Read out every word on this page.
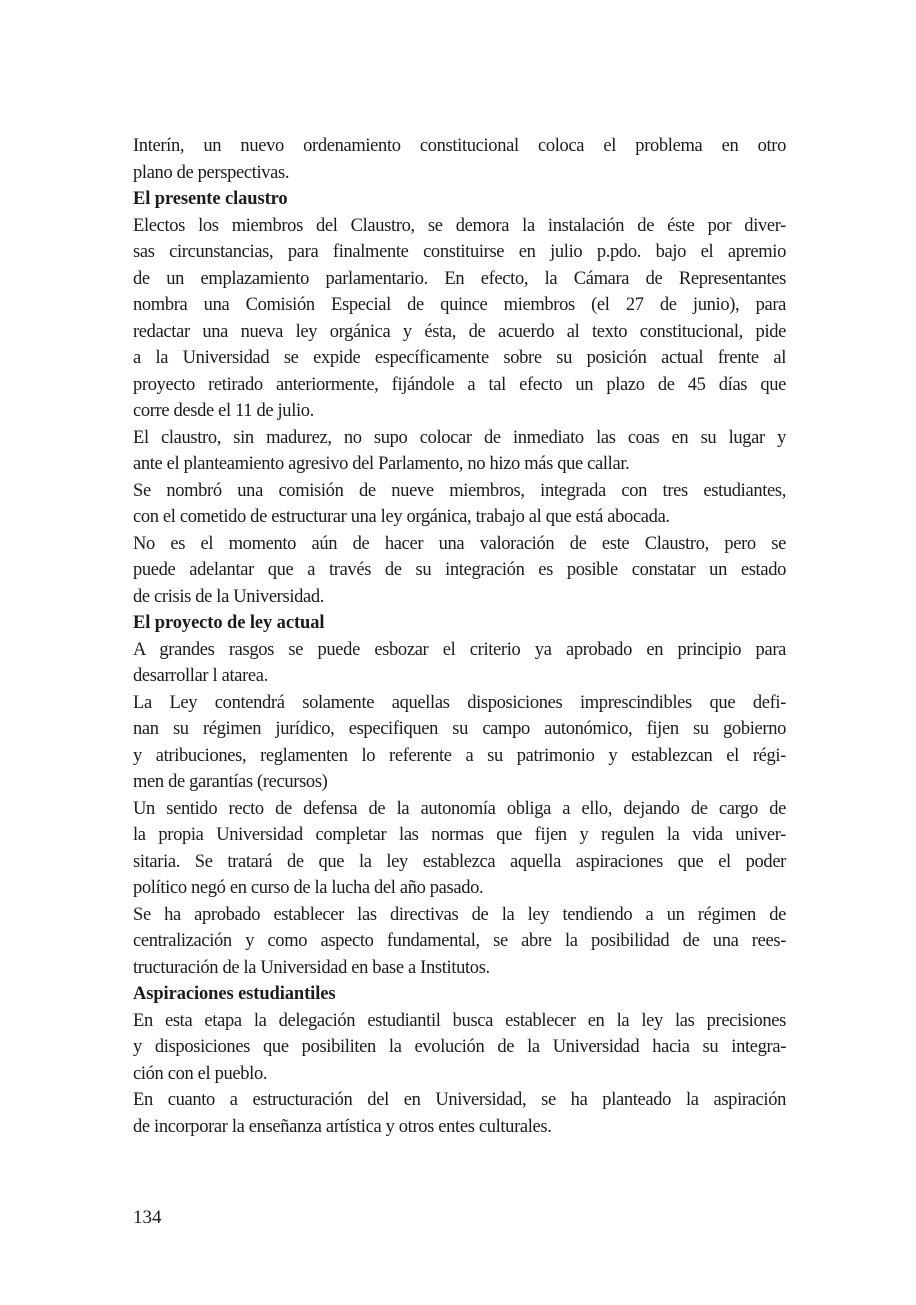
Interín, un nuevo ordenamiento constitucional coloca el problema en otro
plano de perspectivas.
El presente claustro
Electos los miembros del Claustro, se demora la instalación de éste por diver-
sas circunstancias, para finalmente constituirse en julio p.pdo. bajo el apremio
de un emplazamiento parlamentario. En efecto, la Cámara de Representantes
nombra una Comisión Especial de quince miembros (el 27 de junio), para
redactar una nueva ley orgánica y ésta, de acuerdo al texto constitucional, pide
a la Universidad se expide específicamente sobre su posición actual frente al
proyecto retirado anteriormente, fijándole a tal efecto un plazo de 45 días que
corre desde el 11 de julio.
El claustro, sin madurez, no supo colocar de inmediato las coas en su lugar y
ante el planteamiento agresivo del Parlamento, no hizo más que callar.
Se nombró una comisión de nueve miembros, integrada con tres estudiantes,
con el cometido de estructurar una ley orgánica, trabajo al que está abocada.
No es el momento aún de hacer una valoración de este Claustro, pero se
puede adelantar que a través de su integración es posible constatar un estado
de crisis de la Universidad.
El proyecto de ley actual
A grandes rasgos se puede esbozar el criterio ya aprobado en principio para
desarrollar l atarea.
La Ley contendrá solamente aquellas disposiciones imprescindibles que defi-
nan su régimen jurídico, especifiquen su campo autonómico, fijen su gobierno
y atribuciones, reglamenten lo referente a su patrimonio y establezcan el régi-
men de garantías (recursos)
Un sentido recto de defensa de la autonomía obliga a ello, dejando de cargo de
la propia Universidad completar las normas que fijen y regulen la vida univer-
sitaria. Se tratará de que la ley establezca aquella aspiraciones que el poder
político negó en curso de la lucha del año pasado.
Se ha aprobado establecer las directivas de la ley tendiendo a un régimen de
centralización y como aspecto fundamental, se abre la posibilidad de una rees-
tructuración de la Universidad en base a Institutos.
Aspiraciones estudiantiles
En esta etapa la delegación estudiantil busca establecer en la ley las precisiones
y disposiciones que posibiliten la evolución de la Universidad hacia su integra-
ción con el pueblo.
En cuanto a estructuración del en Universidad, se ha planteado la aspiración
de incorporar la enseñanza artística y otros entes culturales.
134
